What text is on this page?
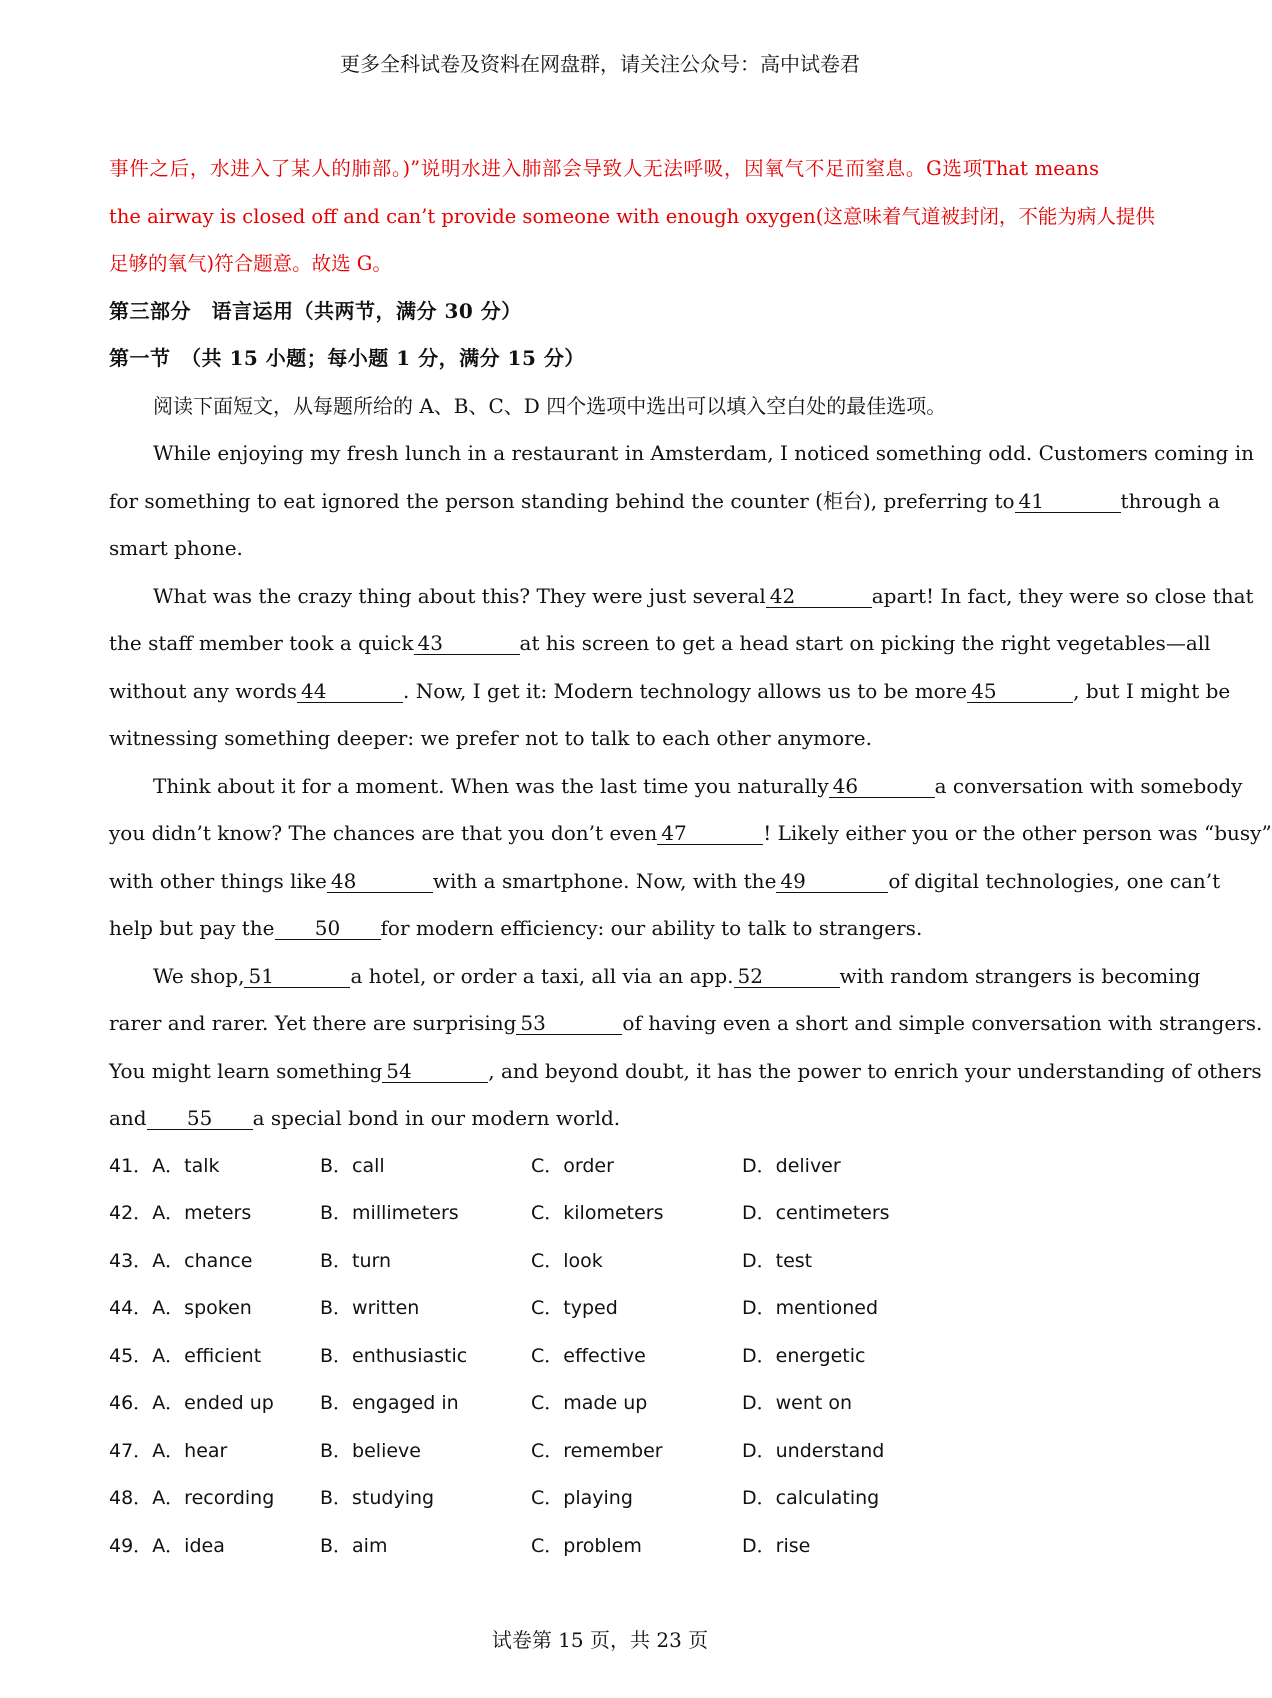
更多全科试卷及资料在网盘群，请关注公众号：高中试卷君
事件之后，水进入了某人的肺部。)”说明水进入肺部会导致人无法呼吸，因氧气不足而窒息。G选项That means
the airway is closed off and can’t provide someone with enough oxygen(这意味着气道被封闭，不能为病人提供
足够的氧气)符合题意。故选 G。
第三部分　语言运用（共两节，满分 30 分）
第一节　（共 15 小题；每小题 1 分，满分 15 分）
阅读下面短文，从每题所给的 A、B、C、D 四个选项中选出可以填入空白处的最佳选项。
While enjoying my fresh lunch in a restaurant in Amsterdam, I noticed something odd. Customers coming in
for something to eat ignored the person standing behind the counter (柜台), preferring to 41	through a
smart phone.
What was the crazy thing about this? They were just several 42	apart! In fact, they were so close that
the staff member took a quick 43	at his screen to get a head start on picking the right vegetables—all
without any words 44	. Now, I get it: Modern technology allows us to be more 45	, but I might be
witnessing something deeper: we prefer not to talk to each other anymore.
Think about it for a moment. When was the last time you naturally 46	a conversation with somebody
you didn’t know? The chances are that you don’t even 47	! Likely either you or the other person was “busy”
with other things like 48	with a smartphone. Now, with the 49	of digital technologies, one can’t
help but pay the 50 for modern efficiency: our ability to talk to strangers.
We shop, 51	a hotel, or order a taxi, all via an app. 52	with random strangers is becoming
rarer and rarer. Yet there are surprising 53	of having even a short and simple conversation with strangers.
You might learn something 54	, and beyond doubt, it has the power to enrich your understanding of others
and 55 a special bond in our modern world.
41．A．talk	B．call	C．order	D．deliver
42．A．meters	B．millimeters	C．kilometers	D．centimeters
43．A．chance	B．turn	C．look	D．test
44．A．spoken	B．written	C．typed	D．mentioned
45．A．efficient	B．enthusiastic	C．effective	D．energetic
46．A．ended up	B．engaged in	C．made up	D．went on
47．A．hear	B．believe	C．remember	D．understand
48．A．recording	B．studying	C．playing	D．calculating
49．A．idea	B．aim	C．problem	D．rise
试卷第 15 页，共 23 页
